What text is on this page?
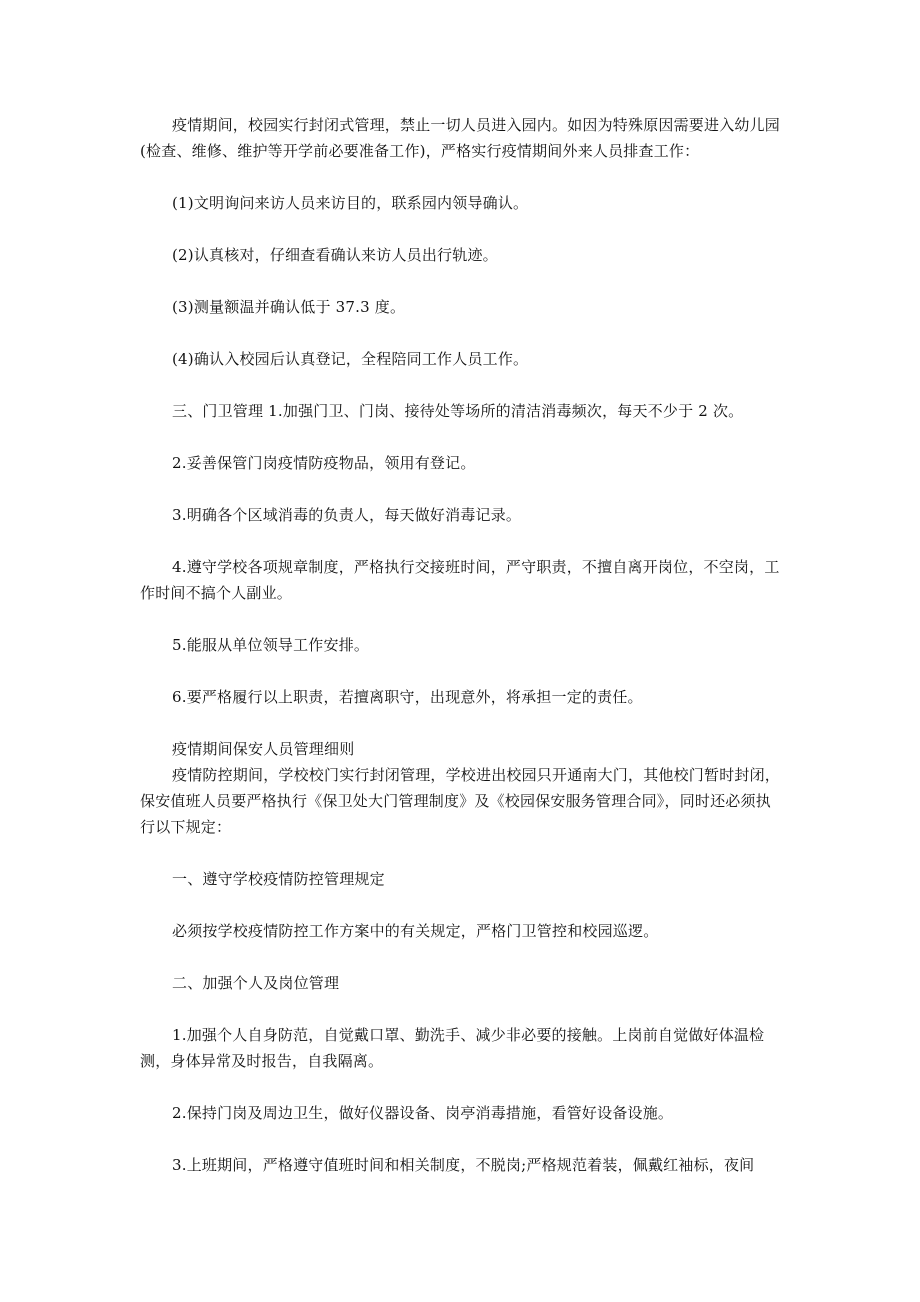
疫情期间，校园实行封闭式管理，禁止一切人员进入园内。如因为特殊原因需要进入幼儿园(检查、维修、维护等开学前必要准备工作)，严格实行疫情期间外来人员排查工作：

(1)文明询问来访人员来访目的，联系园内领导确认。

(2)认真核对，仔细查看确认来访人员出行轨迹。

(3)测量额温并确认低于 37.3 度。

(4)确认入校园后认真登记，全程陪同工作人员工作。

三、门卫管理 1.加强门卫、门岗、接待处等场所的清洁消毒频次，每天不少于 2 次。

2.妥善保管门岗疫情防疫物品，领用有登记。

3.明确各个区域消毒的负责人，每天做好消毒记录。

4.遵守学校各项规章制度，严格执行交接班时间，严守职责，不擅自离开岗位，不空岗，工作时间不搞个人副业。

5.能服从单位领导工作安排。

6.要严格履行以上职责，若擅离职守，出现意外，将承担一定的责任。

疫情期间保安人员管理细则

疫情防控期间，学校校门实行封闭管理，学校进出校园只开通南大门，其他校门暂时封闭，保安值班人员要严格执行《保卫处大门管理制度》及《校园保安服务管理合同》，同时还必须执行以下规定：

一、遵守学校疫情防控管理规定

必须按学校疫情防控工作方案中的有关规定，严格门卫管控和校园巡逻。

二、加强个人及岗位管理

1.加强个人自身防范，自觉戴口罩、勤洗手、减少非必要的接触。上岗前自觉做好体温检测，身体异常及时报告，自我隔离。

2.保持门岗及周边卫生，做好仪器设备、岗亭消毒措施，看管好设备设施。

3.上班期间，严格遵守值班时间和相关制度，不脱岗;严格规范着装，佩戴红袖标，夜间
